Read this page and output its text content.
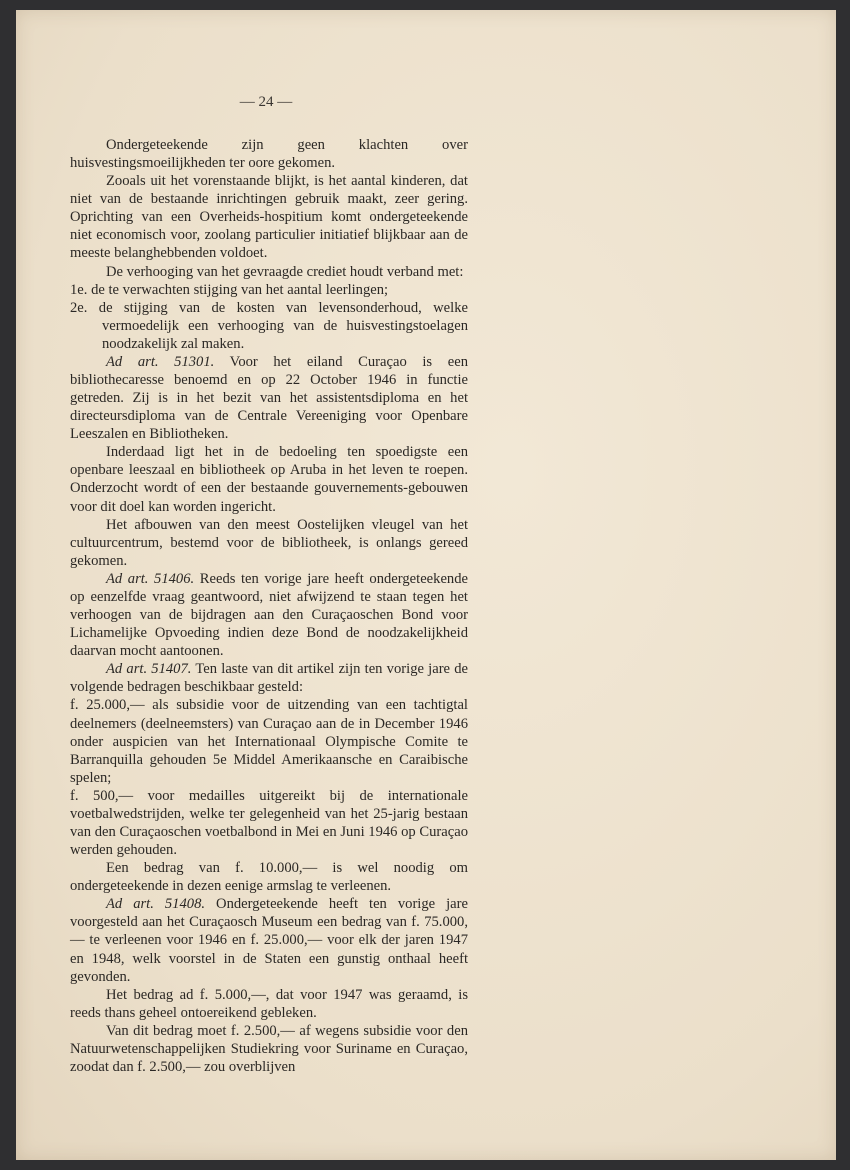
— 24 —

Ondergeteekende zijn geen klachten over huisvestingsmoeilijkheden ter oore gekomen.

Zooals uit het vorenstaande blijkt, is het aantal kinderen, dat niet van de bestaande inrichtingen gebruik maakt, zeer gering. Oprichting van een Overheids-hospitium komt ondergeteekende niet economisch voor, zoolang particulier initiatief blijkbaar aan de meeste belanghebbenden voldoet.

De verhooging van het gevraagde crediet houdt verband met:

1e. de te verwachten stijging van het aantal leerlingen;

2e. de stijging van de kosten van levensonderhoud, welke vermoedelijk een verhooging van de huisvestingstoelagen noodzakelijk zal maken.

Ad art. 51301. Voor het eiland Curaçao is een bibliothecaresse benoemd en op 22 October 1946 in functie getreden. Zij is in het bezit van het assistentsdiploma en het directeursdiploma van de Centrale Vereeniging voor Openbare Leeszalen en Bibliotheken.

Inderdaad ligt het in de bedoeling ten spoedigste een openbare leeszaal en bibliotheek op Aruba in het leven te roepen. Onderzocht wordt of een der bestaande gouvernements-gebouwen voor dit doel kan worden ingericht.

Het afbouwen van den meest Oostelijken vleugel van het cultuurcentrum, bestemd voor de bibliotheek, is onlangs gereed gekomen.

Ad art. 51406. Reeds ten vorige jare heeft ondergeteekende op eenzelfde vraag geantwoord, niet afwijzend te staan tegen het verhoogen van de bijdragen aan den Curaçaoschen Bond voor Lichamelijke Opvoeding indien deze Bond de noodzakelijkheid daarvan mocht aantoonen.

Ad art. 51407. Ten laste van dit artikel zijn ten vorige jare de volgende bedragen beschikbaar gesteld:

f. 25.000,— als subsidie voor de uitzending van een tachtigtal deelnemers (deelneemsters) van Curaçao aan de in December 1946 onder auspicien van het Internationaal Olympische Comite te Barranquilla gehouden 5e Middel Amerikaansche en Caraibische spelen;

f. 500,— voor medailles uitgereikt bij de internationale voetbalwedstrijden, welke ter gelegenheid van het 25-jarig bestaan van den Curaçaoschen voetbalbond in Mei en Juni 1946 op Curaçao werden gehouden.

Een bedrag van f. 10.000,— is wel noodig om ondergeteekende in dezen eenige armslag te verleenen.

Ad art. 51408. Ondergeteekende heeft ten vorige jare voorgesteld aan het Curaçaosch Museum een bedrag van f. 75.000,— te verleenen voor 1946 en f. 25.000,— voor elk der jaren 1947 en 1948, welk voorstel in de Staten een gunstig onthaal heeft gevonden.

Het bedrag ad f. 5.000,—, dat voor 1947 was geraamd, is reeds thans geheel ontoereikend gebleken.

Van dit bedrag moet f. 2.500,— af wegens subsidie voor den Natuurwetenschappelijken Studiekring voor Suriname en Curaçao, zoodat dan f. 2.500,— zou overblijven
